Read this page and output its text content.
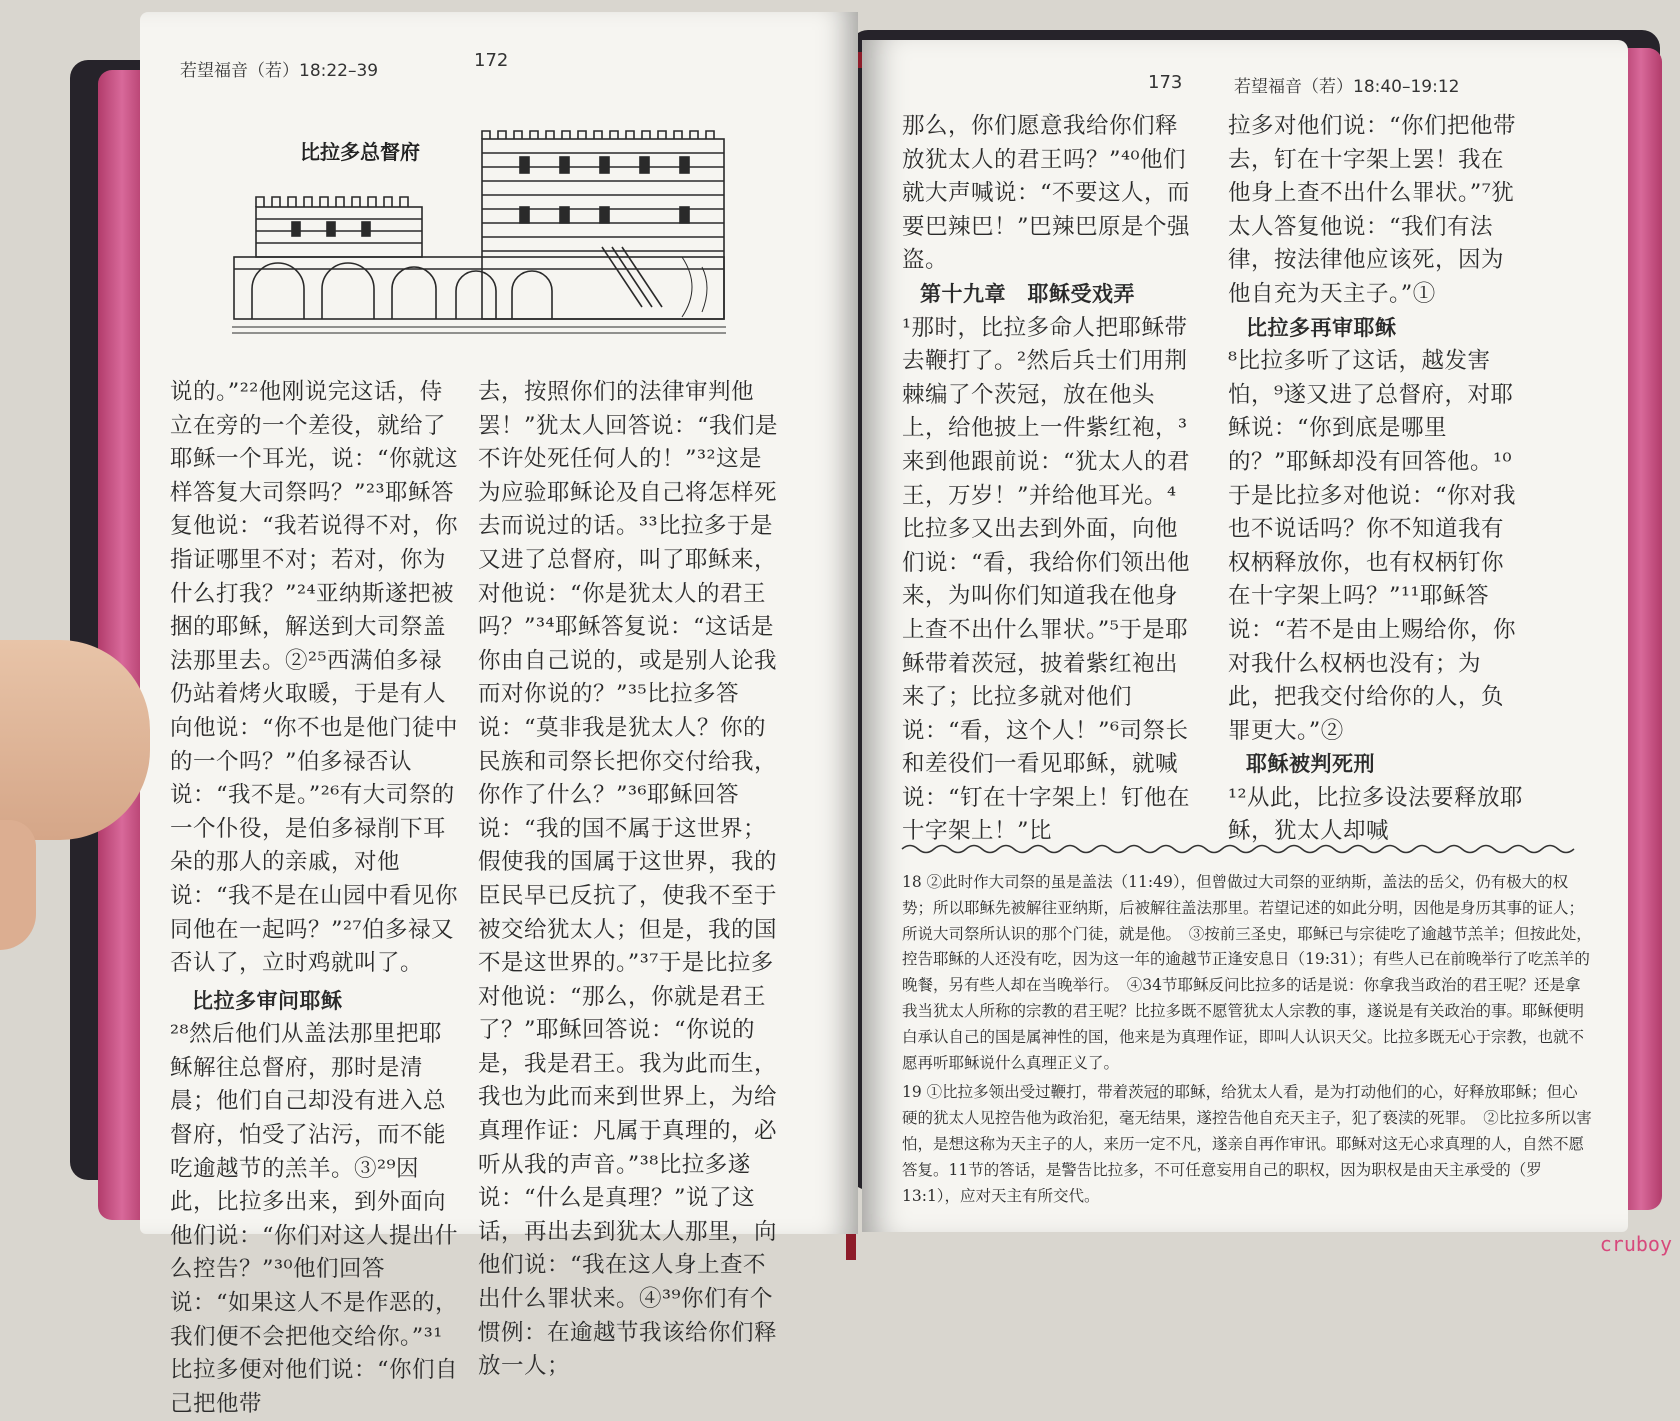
若望福音（若）18:22–39	172
比拉多总督府

说的。”²²他刚说完这话，侍立在旁的一个差役，就给了耶稣一个耳光，说：“你就这样答复大司祭吗？”²³耶稣答复他说：“我若说得不对，你指证哪里不对；若对，你为什么打我？”²⁴亚纳斯遂把被捆的耶稣，解送到大司祭盖法那里去。②²⁵西满伯多禄仍站着烤火取暖，于是有人向他说：“你不也是他门徒中的一个吗？”伯多禄否认说：“我不是。”²⁶有大司祭的一个仆役，是伯多禄削下耳朵的那人的亲戚，对他说：“我不是在山园中看见你同他在一起吗？”²⁷伯多禄又否认了，立时鸡就叫了。

比拉多审问耶稣

²⁸然后他们从盖法那里把耶稣解往总督府，那时是清晨；他们自己却没有进入总督府，怕受了沾污，而不能吃逾越节的羔羊。③²⁹因此，比拉多出来，到外面向他们说：“你们对这人提出什么控告？”³⁰他们回答说：“如果这人不是作恶的，我们便不会把他交给你。”³¹比拉多便对他们说：“你们自己把他带

去，按照你们的法律审判他罢！”犹太人回答说：“我们是不许处死任何人的！”³²这是为应验耶稣论及自己将怎样死去而说过的话。³³比拉多于是又进了总督府，叫了耶稣来，对他说：“你是犹太人的君王吗？”³⁴耶稣答复说：“这话是你由自己说的，或是别人论我而对你说的？”³⁵比拉多答说：“莫非我是犹太人？你的民族和司祭长把你交付给我，你作了什么？”³⁶耶稣回答说：“我的国不属于这世界；假使我的国属于这世界，我的臣民早已反抗了，使我不至于被交给犹太人；但是，我的国不是这世界的。”³⁷于是比拉多对他说：“那么，你就是君王了？”耶稣回答说：“你说的是，我是君王。我为此而生，我也为此而来到世界上，为给真理作证：凡属于真理的，必听从我的声音。”³⁸比拉多遂说：“什么是真理？”说了这话，再出去到犹太人那里，向他们说：“我在这人身上查不出什么罪状来。④³⁹你们有个惯例：在逾越节我该给你们释放一人；

173	若望福音（若）18:40–19:12

那么，你们愿意我给你们释放犹太人的君王吗？”⁴⁰他们就大声喊说：“不要这人，而要巴辣巴！”巴辣巴原是个强盗。

第十九章　耶稣受戏弄

¹那时，比拉多命人把耶稣带去鞭打了。²然后兵士们用荆棘编了个茨冠，放在他头上，给他披上一件紫红袍，³来到他跟前说：“犹太人的君王，万岁！”并给他耳光。⁴比拉多又出去到外面，向他们说：“看，我给你们领出他来，为叫你们知道我在他身上查不出什么罪状。”⁵于是耶稣带着茨冠，披着紫红袍出来了；比拉多就对他们说：“看，这个人！”⁶司祭长和差役们一看见耶稣，就喊说：“钉在十字架上！钉他在十字架上！”比

拉多对他们说：“你们把他带去，钉在十字架上罢！我在他身上查不出什么罪状。”⁷犹太人答复他说：“我们有法律，按法律他应该死，因为他自充为天主子。”①

比拉多再审耶稣

⁸比拉多听了这话，越发害怕，⁹遂又进了总督府，对耶稣说：“你到底是哪里的？”耶稣却没有回答他。¹⁰于是比拉多对他说：“你对我也不说话吗？你不知道我有权柄释放你，也有权柄钉你在十字架上吗？”¹¹耶稣答说：“若不是由上赐给你，你对我什么权柄也没有；为此，把我交付给你的人，负罪更大。”②

耶稣被判死刑

¹²从此，比拉多设法要释放耶稣，犹太人却喊

18 ②此时作大司祭的虽是盖法（11:49），但曾做过大司祭的亚纳斯，盖法的岳父，仍有极大的权势；所以耶稣先被解往亚纳斯，后被解往盖法那里。若望记述的如此分明，因他是身历其事的证人；所说大司祭所认识的那个门徒，就是他。　③按前三圣史，耶稣已与宗徒吃了逾越节羔羊；但按此处，控告耶稣的人还没有吃，因为这一年的逾越节正逢安息日（19:31）；有些人已在前晚举行了吃羔羊的晚餐，另有些人却在当晚举行。　④34节耶稣反问比拉多的话是说：你拿我当政治的君王呢？还是拿我当犹太人所称的宗教的君王呢？比拉多既不愿管犹太人宗教的事，遂说是有关政治的事。耶稣便明白承认自己的国是属神性的国，他来是为真理作证，即叫人认识天父。比拉多既无心于宗教，也就不愿再听耶稣说什么真理正义了。

19 ①比拉多领出受过鞭打，带着茨冠的耶稣，给犹太人看，是为打动他们的心，好释放耶稣；但心硬的犹太人见控告他为政治犯，毫无结果，遂控告他自充天主子，犯了亵渎的死罪。　②比拉多所以害怕，是想这称为天主子的人，来历一定不凡，遂亲自再作审讯。耶稣对这无心求真理的人，自然不愿答复。11节的答话，是警告比拉多，不可任意妄用自己的职权，因为职权是由天主承受的（罗13:1），应对天主有所交代。

cruboy
